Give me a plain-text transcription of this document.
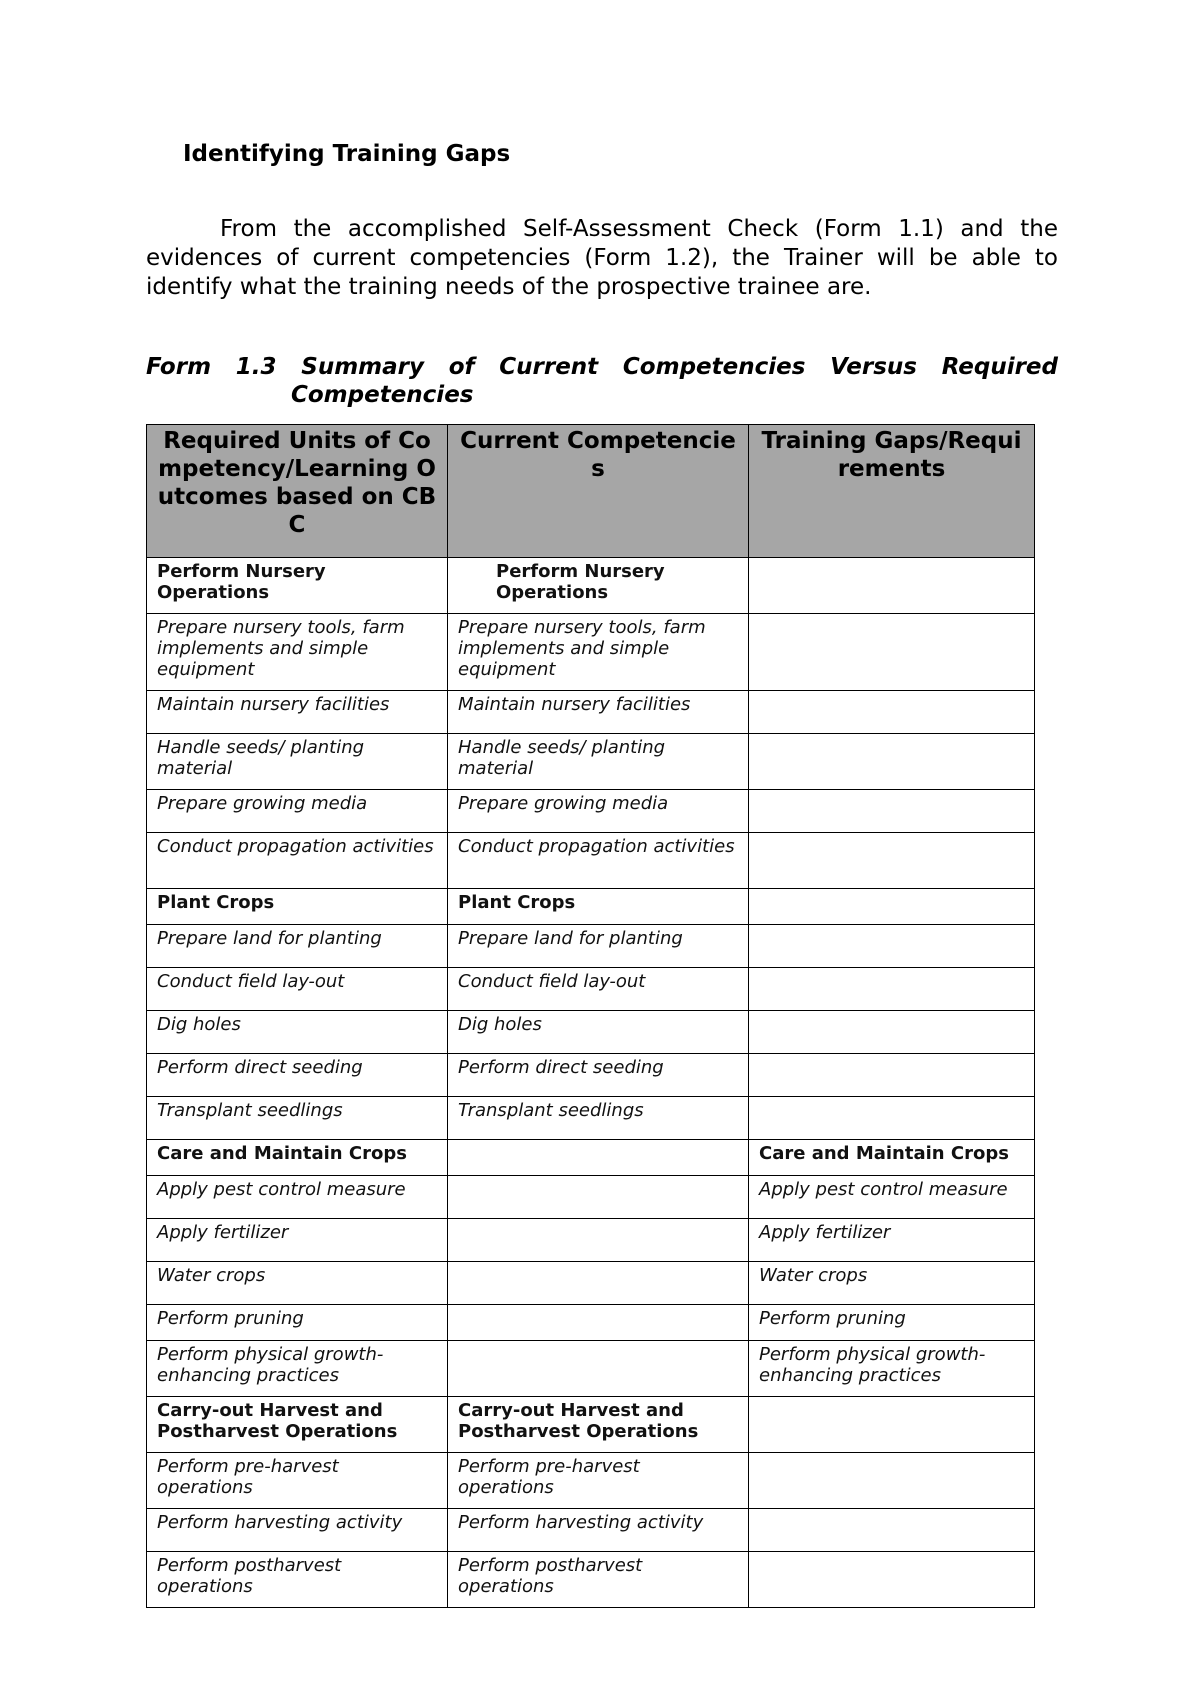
Identifying Training Gaps

From the accomplished Self-Assessment Check (Form 1.1) and the evidences of current competencies (Form 1.2), the Trainer will be able to identify what the training needs of the prospective trainee are.

Form 1.3 Summary of Current Competencies Versus Required
Competencies
Required Units of Competency/Learning Outcomes based on CBC	Current Competencies	Training Gaps/Requirements
Perform Nursery Operations	Perform Nursery Operations	
Prepare nursery tools, farm implements and simple equipment	Prepare nursery tools, farm implements and simple equipment	
Maintain nursery facilities	Maintain nursery facilities	
Handle seeds/ planting material	Handle seeds/ planting material	
Prepare growing media	Prepare growing media	
Conduct propagation activities	Conduct propagation activities	
Plant Crops	Plant Crops	
Prepare land for planting	Prepare land for planting	
Conduct field lay-out	Conduct field lay-out	
Dig holes	Dig holes	
Perform direct seeding	Perform direct seeding	
Transplant seedlings	Transplant seedlings	
Care and Maintain Crops		Care and Maintain Crops
Apply pest control measure		Apply pest control measure
Apply fertilizer		Apply fertilizer
Water crops		Water crops
Perform pruning		Perform pruning
Perform physical growth-enhancing practices		Perform physical growth-enhancing practices
Carry-out Harvest and Postharvest Operations	Carry-out Harvest and Postharvest Operations	
Perform pre-harvest operations	Perform pre-harvest operations	
Perform harvesting activity	Perform harvesting activity	
Perform postharvest operations	Perform postharvest operations	
